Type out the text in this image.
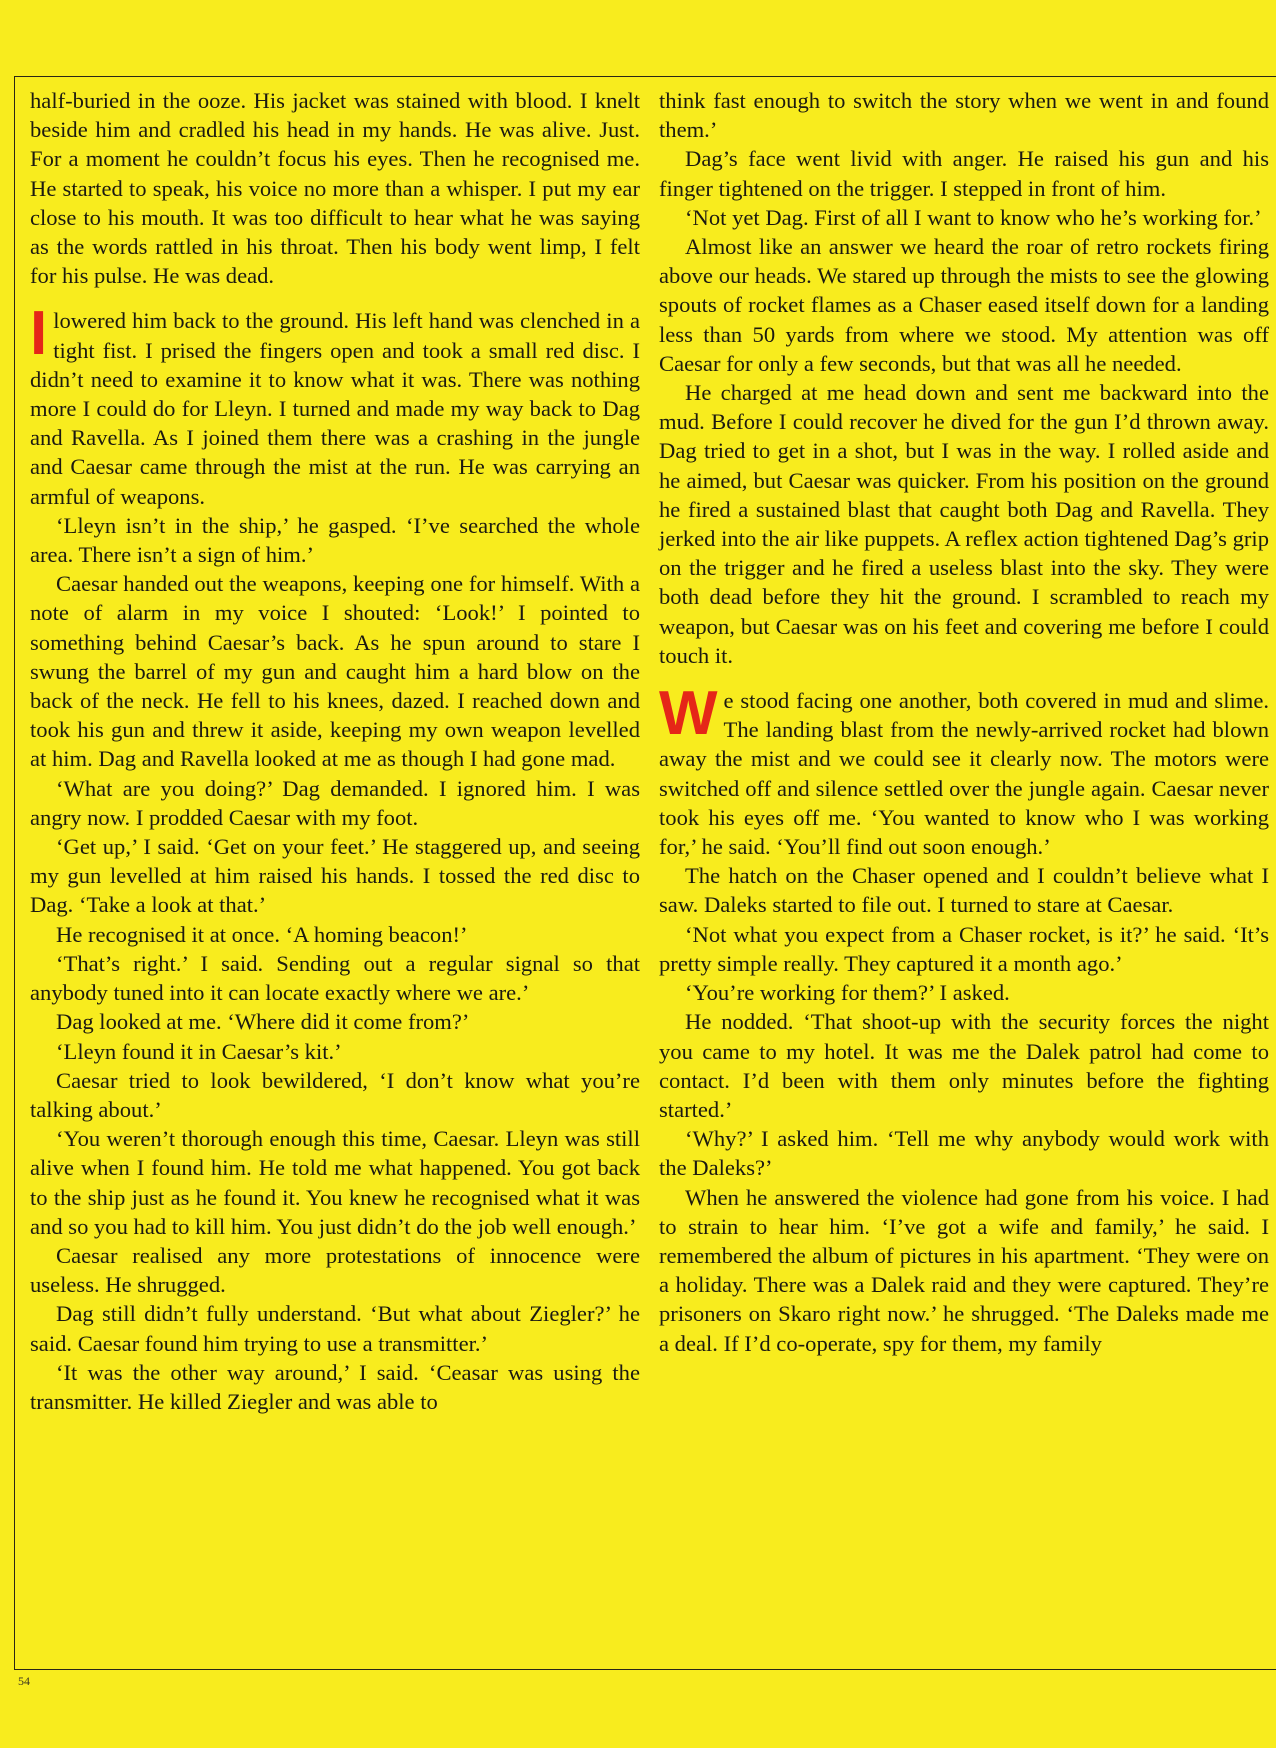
half-buried in the ooze. His jacket was stained with blood. I knelt beside him and cradled his head in my hands. He was alive. Just. For a moment he couldn’t focus his eyes. Then he recognised me. He started to speak, his voice no more than a whisper. I put my ear close to his mouth. It was too difficult to hear what he was saying as the words rattled in his throat. Then his body went limp, I felt for his pulse. He was dead.

I lowered him back to the ground. His left hand was clenched in a tight fist. I prised the fingers open and took a small red disc. I didn’t need to examine it to know what it was. There was nothing more I could do for Lleyn. I turned and made my way back to Dag and Ravella. As I joined them there was a crashing in the jungle and Caesar came through the mist at the run. He was carrying an armful of weapons.

‘Lleyn isn’t in the ship,’ he gasped. ‘I’ve searched the whole area. There isn’t a sign of him.’

Caesar handed out the weapons, keeping one for himself. With a note of alarm in my voice I shouted: ‘Look!’ I pointed to something behind Caesar’s back. As he spun around to stare I swung the barrel of my gun and caught him a hard blow on the back of the neck. He fell to his knees, dazed. I reached down and took his gun and threw it aside, keeping my own weapon levelled at him. Dag and Ravella looked at me as though I had gone mad.

‘What are you doing?’ Dag demanded. I ignored him. I was angry now. I prodded Caesar with my foot.

‘Get up,’ I said. ‘Get on your feet.’ He staggered up, and seeing my gun levelled at him raised his hands. I tossed the red disc to Dag. ‘Take a look at that.’

He recognised it at once. ‘A homing beacon!’

‘That’s right.’ I said. Sending out a regular signal so that anybody tuned into it can locate exactly where we are.’

Dag looked at me. ‘Where did it come from?’

‘Lleyn found it in Caesar’s kit.’

Caesar tried to look bewildered, ‘I don’t know what you’re talking about.’

‘You weren’t thorough enough this time, Caesar. Lleyn was still alive when I found him. He told me what happened. You got back to the ship just as he found it. You knew he recognised what it was and so you had to kill him. You just didn’t do the job well enough.’

Caesar realised any more protestations of innocence were useless. He shrugged.

Dag still didn’t fully understand. ‘But what about Ziegler?’ he said. Caesar found him trying to use a transmitter.’

‘It was the other way around,’ I said. ‘Ceasar was using the transmitter. He killed Ziegler and was able to

think fast enough to switch the story when we went in and found them.’

Dag’s face went livid with anger. He raised his gun and his finger tightened on the trigger. I stepped in front of him.

‘Not yet Dag. First of all I want to know who he’s working for.’

Almost like an answer we heard the roar of retro rockets firing above our heads. We stared up through the mists to see the glowing spouts of rocket flames as a Chaser eased itself down for a landing less than 50 yards from where we stood. My attention was off Caesar for only a few seconds, but that was all he needed.

He charged at me head down and sent me backward into the mud. Before I could recover he dived for the gun I’d thrown away. Dag tried to get in a shot, but I was in the way. I rolled aside and he aimed, but Caesar was quicker. From his position on the ground he fired a sustained blast that caught both Dag and Ravella. They jerked into the air like puppets. A reflex action tightened Dag’s grip on the trigger and he fired a useless blast into the sky. They were both dead before they hit the ground. I scrambled to reach my weapon, but Caesar was on his feet and covering me before I could touch it.

We stood facing one another, both covered in mud and slime. The landing blast from the newly-arrived rocket had blown away the mist and we could see it clearly now. The motors were switched off and silence settled over the jungle again. Caesar never took his eyes off me. ‘You wanted to know who I was working for,’ he said. ‘You’ll find out soon enough.’

The hatch on the Chaser opened and I couldn’t believe what I saw. Daleks started to file out. I turned to stare at Caesar.

‘Not what you expect from a Chaser rocket, is it?’ he said. ‘It’s pretty simple really. They captured it a month ago.’

‘You’re working for them?’ I asked.

He nodded. ‘That shoot-up with the security forces the night you came to my hotel. It was me the Dalek patrol had come to contact. I’d been with them only minutes before the fighting started.’

‘Why?’ I asked him. ‘Tell me why anybody would work with the Daleks?’

When he answered the violence had gone from his voice. I had to strain to hear him. ‘I’ve got a wife and family,’ he said. I remembered the album of pictures in his apartment. ‘They were on a holiday. There was a Dalek raid and they were captured. They’re prisoners on Skaro right now.’ he shrugged. ‘The Daleks made me a deal. If I’d co-operate, spy for them, my family

54
